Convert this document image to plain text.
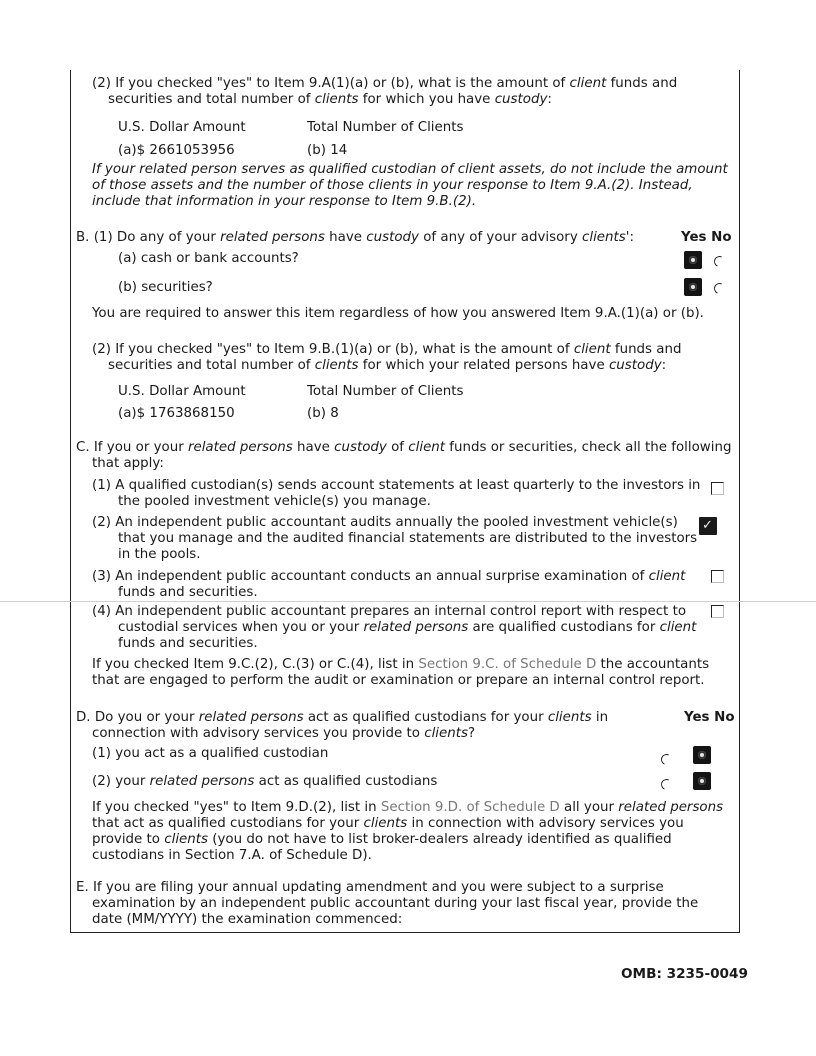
(2) If you checked "yes" to Item 9.A(1)(a) or (b), what is the amount of client funds and securities and total number of clients for which you have custody:
U.S. Dollar Amount	Total Number of Clients
(a)$ 2661053956	(b) 14
If your related person serves as qualified custodian of client assets, do not include the amount of those assets and the number of those clients in your response to Item 9.A.(2). Instead, include that information in your response to Item 9.B.(2).
B. (1) Do any of your related persons have custody of any of your advisory clients':	Yes No
(a) cash or bank accounts?
(b) securities?
You are required to answer this item regardless of how you answered Item 9.A.(1)(a) or (b).
(2) If you checked "yes" to Item 9.B.(1)(a) or (b), what is the amount of client funds and securities and total number of clients for which your related persons have custody:
U.S. Dollar Amount	Total Number of Clients
(a)$ 1763868150	(b) 8
C. If you or your related persons have custody of client funds or securities, check all the following that apply:
(1) A qualified custodian(s) sends account statements at least quarterly to the investors in the pooled investment vehicle(s) you manage.
(2) An independent public accountant audits annually the pooled investment vehicle(s) that you manage and the audited financial statements are distributed to the investors in the pools.
✓
(3) An independent public accountant conducts an annual surprise examination of client funds and securities.
(4) An independent public accountant prepares an internal control report with respect to custodial services when you or your related persons are qualified custodians for client funds and securities.
If you checked Item 9.C.(2), C.(3) or C.(4), list in Section 9.C. of Schedule D the accountants that are engaged to perform the audit or examination or prepare an internal control report.
D. Do you or your related persons act as qualified custodians for your clients in connection with advisory services you provide to clients?
Yes No
(1) you act as a qualified custodian
(2) your related persons act as qualified custodians
If you checked "yes" to Item 9.D.(2), list in Section 9.D. of Schedule D all your related persons that act as qualified custodians for your clients in connection with advisory services you provide to clients (you do not have to list broker-dealers already identified as qualified custodians in Section 7.A. of Schedule D).
E. If you are filing your annual updating amendment and you were subject to a surprise examination by an independent public accountant during your last fiscal year, provide the date (MM/YYYY) the examination commenced:
OMB: 3235-0049
